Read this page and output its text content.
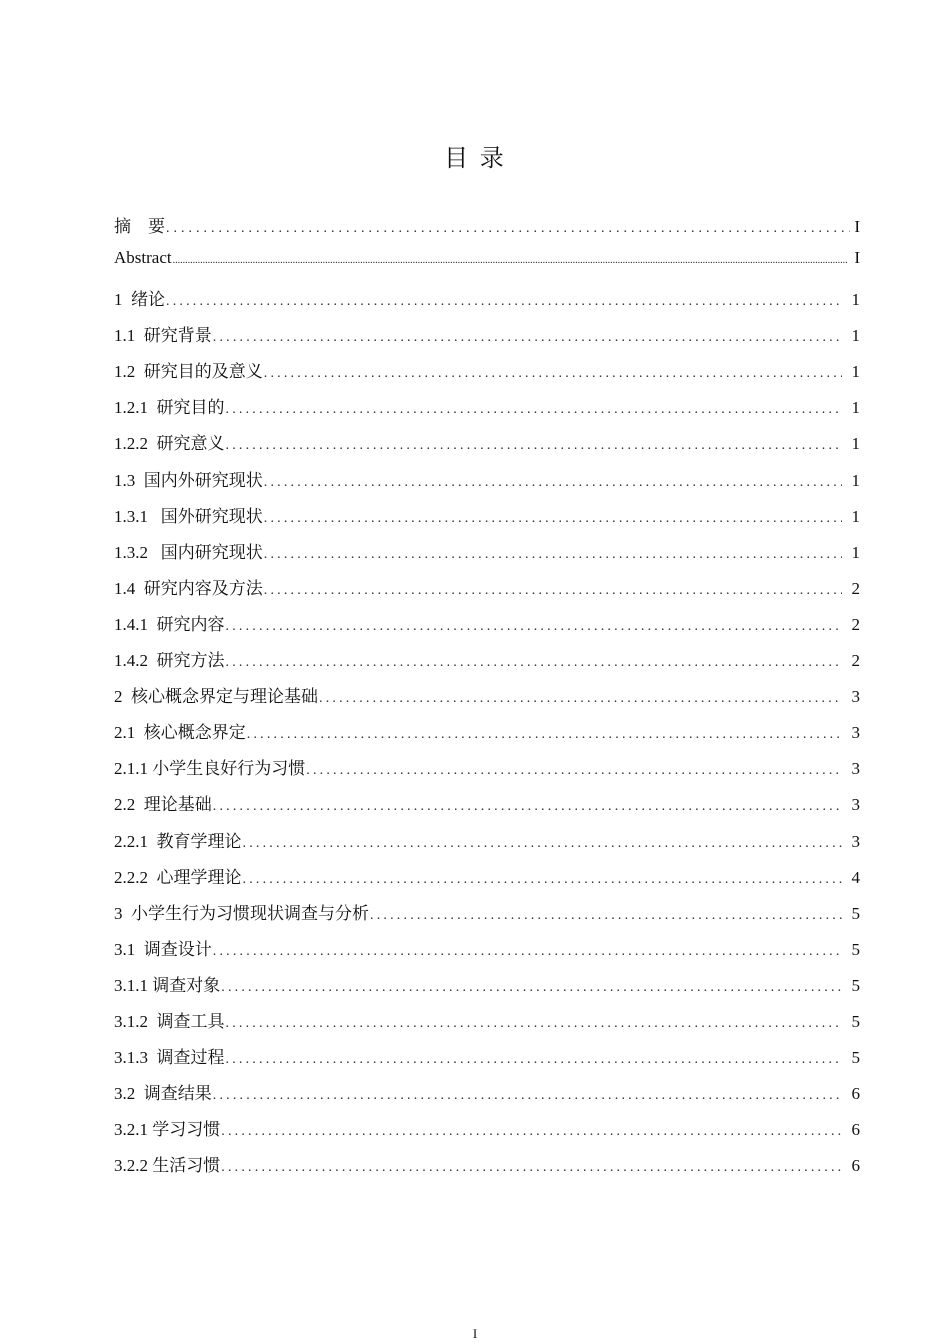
目 录
摘    要 .....	I
Abstract .....	I
1  绪论 .....	1
1.1  研究背景 .....	1
1.2  研究目的及意义 .....	1
1.2.1  研究目的 .....	1
1.2.2  研究意义 .....	1
1.3  国内外研究现状 .....	1
1.3.1   国外研究现状 .....	1
1.3.2   国内研究现状 .....	1
1.4  研究内容及方法 .....	2
1.4.1  研究内容 .....	2
1.4.2  研究方法 .....	2
2  核心概念界定与理论基础 .....	3
2.1  核心概念界定 .....	3
2.1.1 小学生良好行为习惯 .....	3
2.2  理论基础 .....	3
2.2.1  教育学理论 .....	3
2.2.2  心理学理论 .....	4
3  小学生行为习惯现状调查与分析 .....	5
3.1  调查设计 .....	5
3.1.1 调查对象 .....	5
3.1.2  调查工具 .....	5
3.1.3  调查过程 .....	5
3.2  调查结果 .....	6
3.2.1 学习习惯 .....	6
3.2.2 生活习惯 .....	6
I
